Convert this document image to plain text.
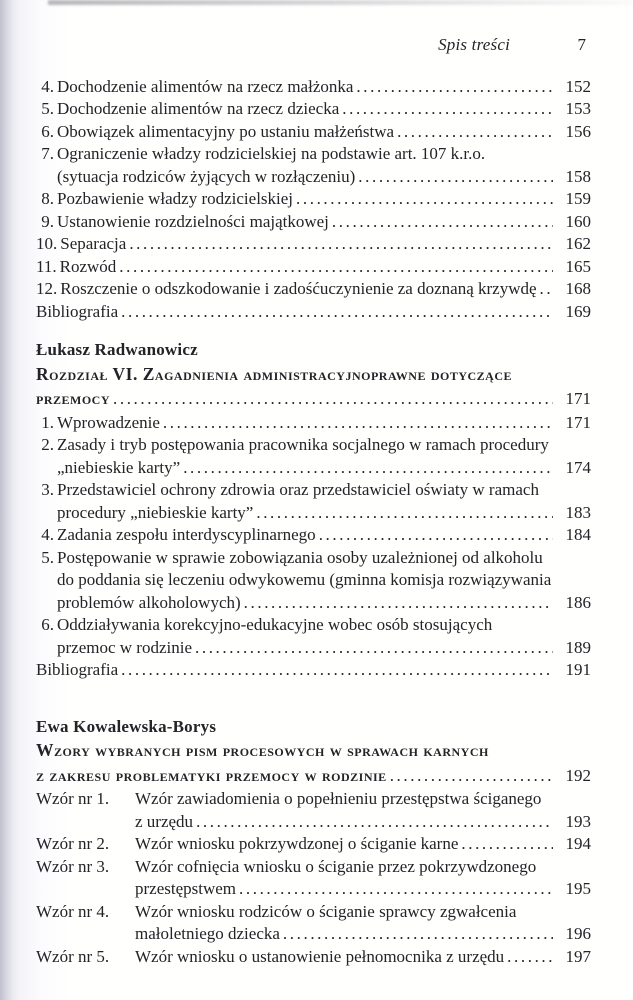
Spis treści	7
4. Dochodzenie alimentów na rzecz małżonka .....	152
5. Dochodzenie alimentów na rzecz dziecka .....	153
6. Obowiązek alimentacyjny po ustaniu małżeństwa .....	156
7. Ograniczenie władzy rodzicielskiej na podstawie art. 107 k.r.o.
(sytuacja rodziców żyjących w rozłączeniu) .....	158
8. Pozbawienie władzy rodzicielskiej .....	159
9. Ustanowienie rozdzielności majątkowej .....	160
10. Separacja .....	162
11. Rozwód .....	165
12. Roszczenie o odszkodowanie i zadośćuczynienie za doznaną krzywdę .....	168
Bibliografia .....	169
Łukasz Radwanowicz
Rozdział VI. Zagadnienia administracyjnoprawne dotyczące
przemocy .....	171
1. Wprowadzenie .....	171
2. Zasady i tryb postępowania pracownika socjalnego w ramach procedury
„niebieskie karty” .....	174
3. Przedstawiciel ochrony zdrowia oraz przedstawiciel oświaty w ramach
procedury „niebieskie karty” .....	183
4. Zadania zespołu interdyscyplinarnego .....	184
5. Postępowanie w sprawie zobowiązania osoby uzależnionej od alkoholu
do poddania się leczeniu odwykowemu (gminna komisja rozwiązywania
problemów alkoholowych) .....	186
6. Oddziaływania korekcyjno-edukacyjne wobec osób stosujących
przemoc w rodzinie .....	189
Bibliografia .....	191
Ewa Kowalewska-Borys
Wzory wybranych pism procesowych w sprawach karnych
z zakresu problematyki przemocy w rodzinie .....	192
Wzór nr 1.	Wzór zawiadomienia o popełnieniu przestępstwa ściganego
z urzędu .....	193
Wzór nr 2.	Wzór wniosku pokrzywdzonej o ściganie karne .....	194
Wzór nr 3.	Wzór cofnięcia wniosku o ściganie przez pokrzywdzonego
przestępstwem .....	195
Wzór nr 4.	Wzór wniosku rodziców o ściganie sprawcy zgwałcenia
małoletniego dziecka .....	196
Wzór nr 5.	Wzór wniosku o ustanowienie pełnomocnika z urzędu .....	197
